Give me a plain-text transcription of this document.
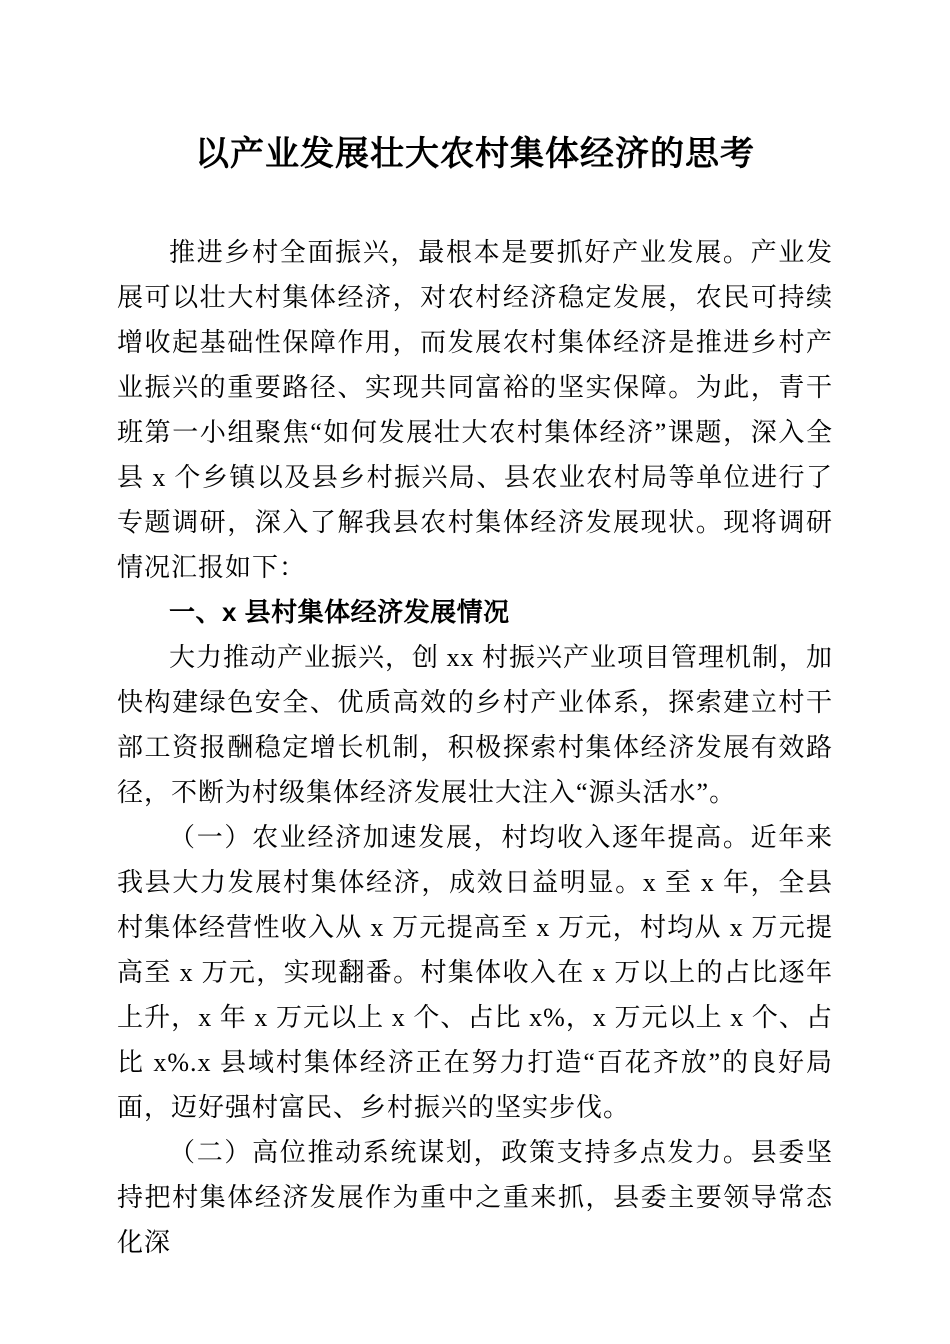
以产业发展壮大农村集体经济的思考

推进乡村全面振兴，最根本是要抓好产业发展。产业发展可以壮大村集体经济，对农村经济稳定发展，农民可持续增收起基础性保障作用，而发展农村集体经济是推进乡村产业振兴的重要路径、实现共同富裕的坚实保障。为此，青干班第一小组聚焦“如何发展壮大农村集体经济”课题，深入全县 x 个乡镇以及县乡村振兴局、县农业农村局等单位进行了专题调研，深入了解我县农村集体经济发展现状。现将调研情况汇报如下：

一、x 县村集体经济发展情况

大力推动产业振兴，创 xx 村振兴产业项目管理机制，加快构建绿色安全、优质高效的乡村产业体系，探索建立村干部工资报酬稳定增长机制，积极探索村集体经济发展有效路径，不断为村级集体经济发展壮大注入“源头活水”。

（一）农业经济加速发展，村均收入逐年提高。近年来我县大力发展村集体经济，成效日益明显。x 至 x 年，全县村集体经营性收入从 x 万元提高至 x 万元，村均从 x 万元提高至 x 万元，实现翻番。村集体收入在 x 万以上的占比逐年上升，x 年 x 万元以上 x 个、占比 x%，x 万元以上 x 个、占比 x%.x 县域村集体经济正在努力打造“百花齐放”的良好局面，迈好强村富民、乡村振兴的坚实步伐。

（二）高位推动系统谋划，政策支持多点发力。县委坚持把村集体经济发展作为重中之重来抓，县委主要领导常态化深
